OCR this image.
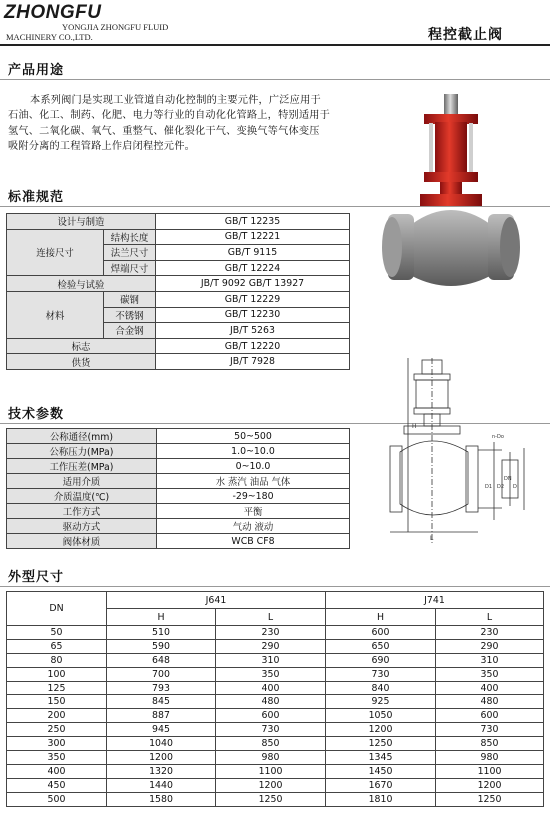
ZHONGFU
YONGJIA ZHONGFU FLUID
MACHINERY CO.,LTD.	程控截止阀
产品用途
本系列阀门是实现工业管道自动化控制的主要元件，广泛应用于
石油、化工、制药、化肥、电力等行业的自动化化管路上，特别适用于
氢气、二氧化碳、氧气、重整气、催化裂化干气、变换气等气体变压
吸附分离的工程管路上作启闭程控元件。
标准规范
设计与制造		GB/T 12235
连接尺寸	结构长度	GB/T 12221
	法兰尺寸	GB/T 9115
	焊端尺寸	GB/T 12224
检验与试验		JB/T 9092 GB/T 13927
材料	碳钢	GB/T 12229
	不锈钢	GB/T 12230
	合金钢	JB/T 5263
标志		GB/T 12220
供货		JB/T 7928
技术参数
公称通径(mm)	50~500
公称压力(MPa)	1.0~10.0
工作压差(MPa)	0~10.0
适用介质	水 蒸汽 油品 气体
介质温度(℃)	-29~180
工作方式	平衡
驱动方式	气动 液动
阀体材质	WCB CF8
外型尺寸
DN	J641		J741	
	H	L	H	L
50	510	230	600	230
65	590	290	650	290
80	648	310	690	310
100	700	350	730	350
125	793	400	840	400
150	845	480	925	480
200	887	600	1050	600
250	945	730	1200	730
300	1040	850	1250	850
350	1200	980	1345	980
400	1320	1100	1450	1100
450	1440	1200	1670	1200
500	1580	1250	1810	1250
H
L
n-Do
D1 D2 D
DN
